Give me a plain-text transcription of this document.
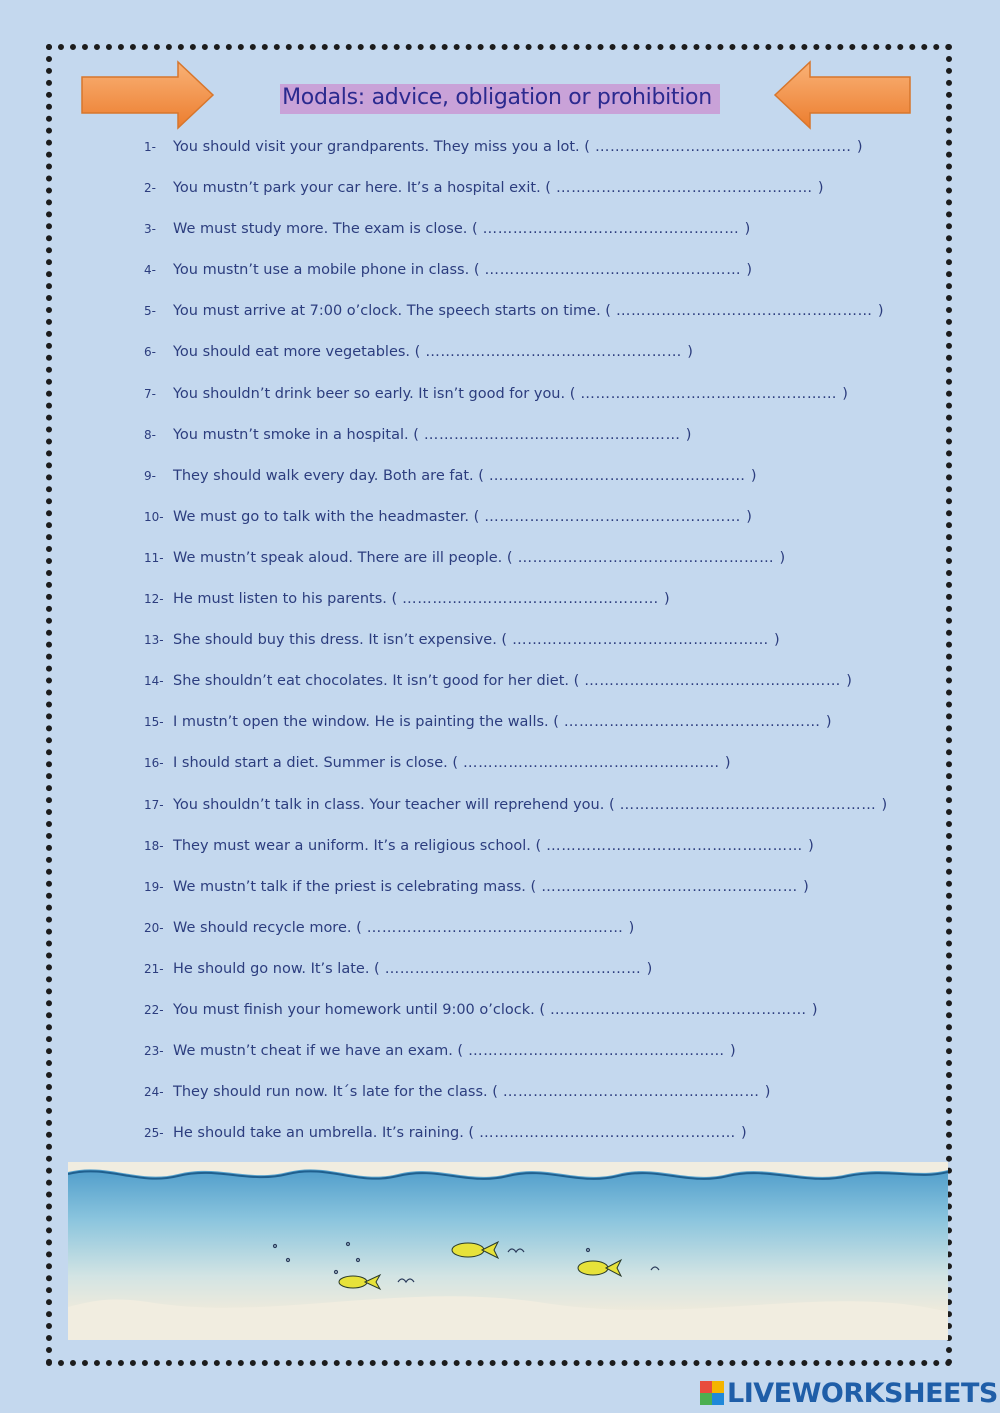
Modals: advice, obligation or prohibition
1-	You should visit your grandparents. They miss you a lot. ( …………………………………………… )
2-	You mustn’t park your car here. It’s a hospital exit. ( …………………………………………… )
3-	We must study more. The exam is close. ( …………………………………………… )
4-	You mustn’t use a mobile phone in class. ( …………………………………………… )
5-	You must arrive at 7:00 o’clock. The speech starts on time. ( …………………………………………… )
6-	You should eat more vegetables. ( …………………………………………… )
7-	You shouldn’t drink beer so early. It isn’t good for you. ( …………………………………………… )
8-	You mustn’t smoke in a hospital. ( …………………………………………… )
9-	They should walk every day. Both are fat. ( …………………………………………… )
10- We must go to talk with the headmaster. ( …………………………………………… )
11- We mustn’t speak aloud. There are ill people. ( …………………………………………… )
12- He must listen to his parents. ( …………………………………………… )
13- She should buy this dress. It isn’t expensive. ( …………………………………………… )
14- She shouldn’t eat chocolates. It isn’t good for her diet. ( …………………………………………… )
15- I mustn’t open the window. He is painting the walls. ( …………………………………………… )
16- I should start a diet. Summer is close. ( …………………………………………… )
17- You shouldn’t talk in class. Your teacher will reprehend you. ( …………………………………………… )
18- They must wear a uniform. It’s a religious school. ( …………………………………………… )
19- We mustn’t talk if the priest is celebrating mass. ( …………………………………………… )
20- We should recycle more. ( …………………………………………… )
21- He should go now. It’s late. ( …………………………………………… )
22- You must finish your homework until 9:00 o’clock. ( …………………………………………… )
23- We mustn’t cheat if we have an exam. ( …………………………………………… )
24- They should run now. It´s late for the class. ( …………………………………………… )
25- He should take an umbrella. It’s raining. ( …………………………………………… )
LIVEWORKSHEETS
